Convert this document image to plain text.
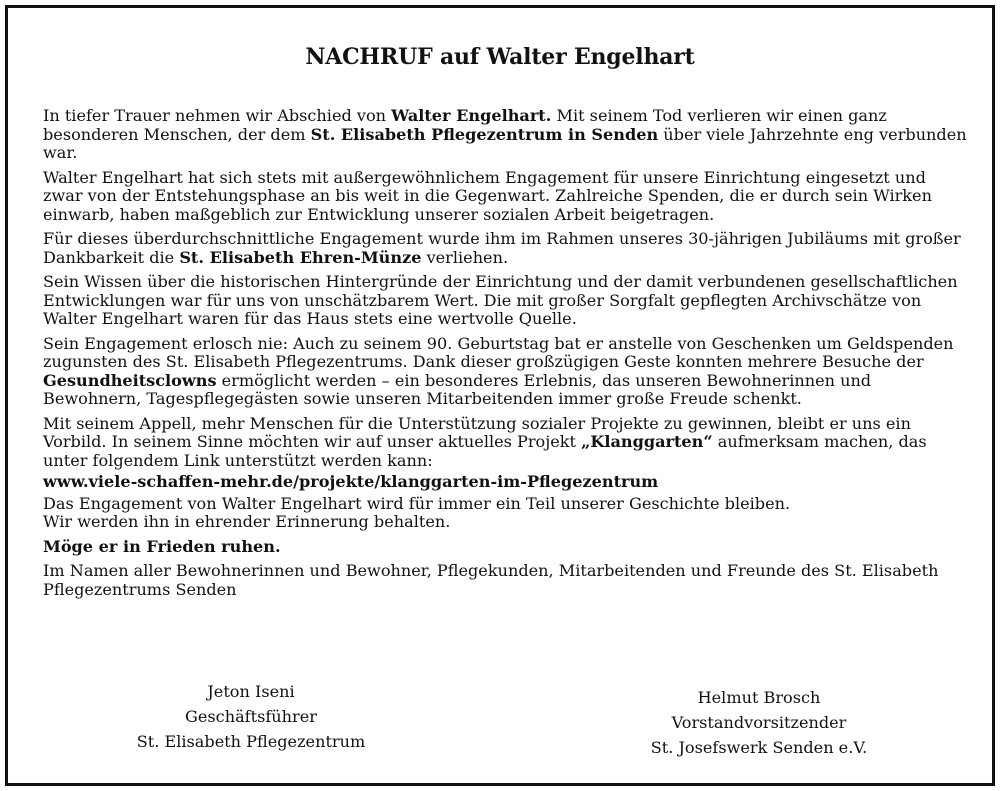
NACHRUF auf Walter Engelhart

In tiefer Trauer nehmen wir Abschied von Walter Engelhart. Mit seinem Tod verlieren wir einen ganz besonderen Menschen, der dem St. Elisabeth Pflegezentrum in Senden über viele Jahrzehnte eng verbunden war.

Walter Engelhart hat sich stets mit außergewöhnlichem Engagement für unsere Einrichtung eingesetzt und zwar von der Entstehungsphase an bis weit in die Gegenwart. Zahlreiche Spenden, die er durch sein Wirken einwarb, haben maßgeblich zur Entwicklung unserer sozialen Arbeit beigetragen.

Für dieses überdurchschnittliche Engagement wurde ihm im Rahmen unseres 30-jährigen Jubiläums mit großer Dankbarkeit die St. Elisabeth Ehren-Münze verliehen.

Sein Wissen über die historischen Hintergründe der Einrichtung und der damit verbundenen gesellschaftlichen Entwicklungen war für uns von unschätzbarem Wert. Die mit großer Sorgfalt gepflegten Archivschätze von Walter Engelhart waren für das Haus stets eine wertvolle Quelle.

Sein Engagement erlosch nie: Auch zu seinem 90. Geburtstag bat er anstelle von Geschenken um Geldspenden zugunsten des St. Elisabeth Pflegezentrums. Dank dieser großzügigen Geste konnten mehrere Besuche der Gesundheitsclowns ermöglicht werden – ein besonderes Erlebnis, das unseren Bewohnerinnen und Bewohnern, Tagespflegegästen sowie unseren Mitarbeitenden immer große Freude schenkt.

Mit seinem Appell, mehr Menschen für die Unterstützung sozialer Projekte zu gewinnen, bleibt er uns ein Vorbild. In seinem Sinne möchten wir auf unser aktuelles Projekt „Klanggarten“ aufmerksam machen, das unter folgendem Link unterstützt werden kann:

www.viele-schaffen-mehr.de/projekte/klanggarten-im-Pflegezentrum

Das Engagement von Walter Engelhart wird für immer ein Teil unserer Geschichte bleiben.
Wir werden ihn in ehrender Erinnerung behalten.

Möge er in Frieden ruhen.

Im Namen aller Bewohnerinnen und Bewohner, Pflegekunden, Mitarbeitenden und Freunde des St. Elisabeth Pflegezentrums Senden

Jeton Iseni
Geschäftsführer
St. Elisabeth Pflegezentrum
Helmut Brosch
Vorstandvorsitzender
St. Josefswerk Senden e.V.
